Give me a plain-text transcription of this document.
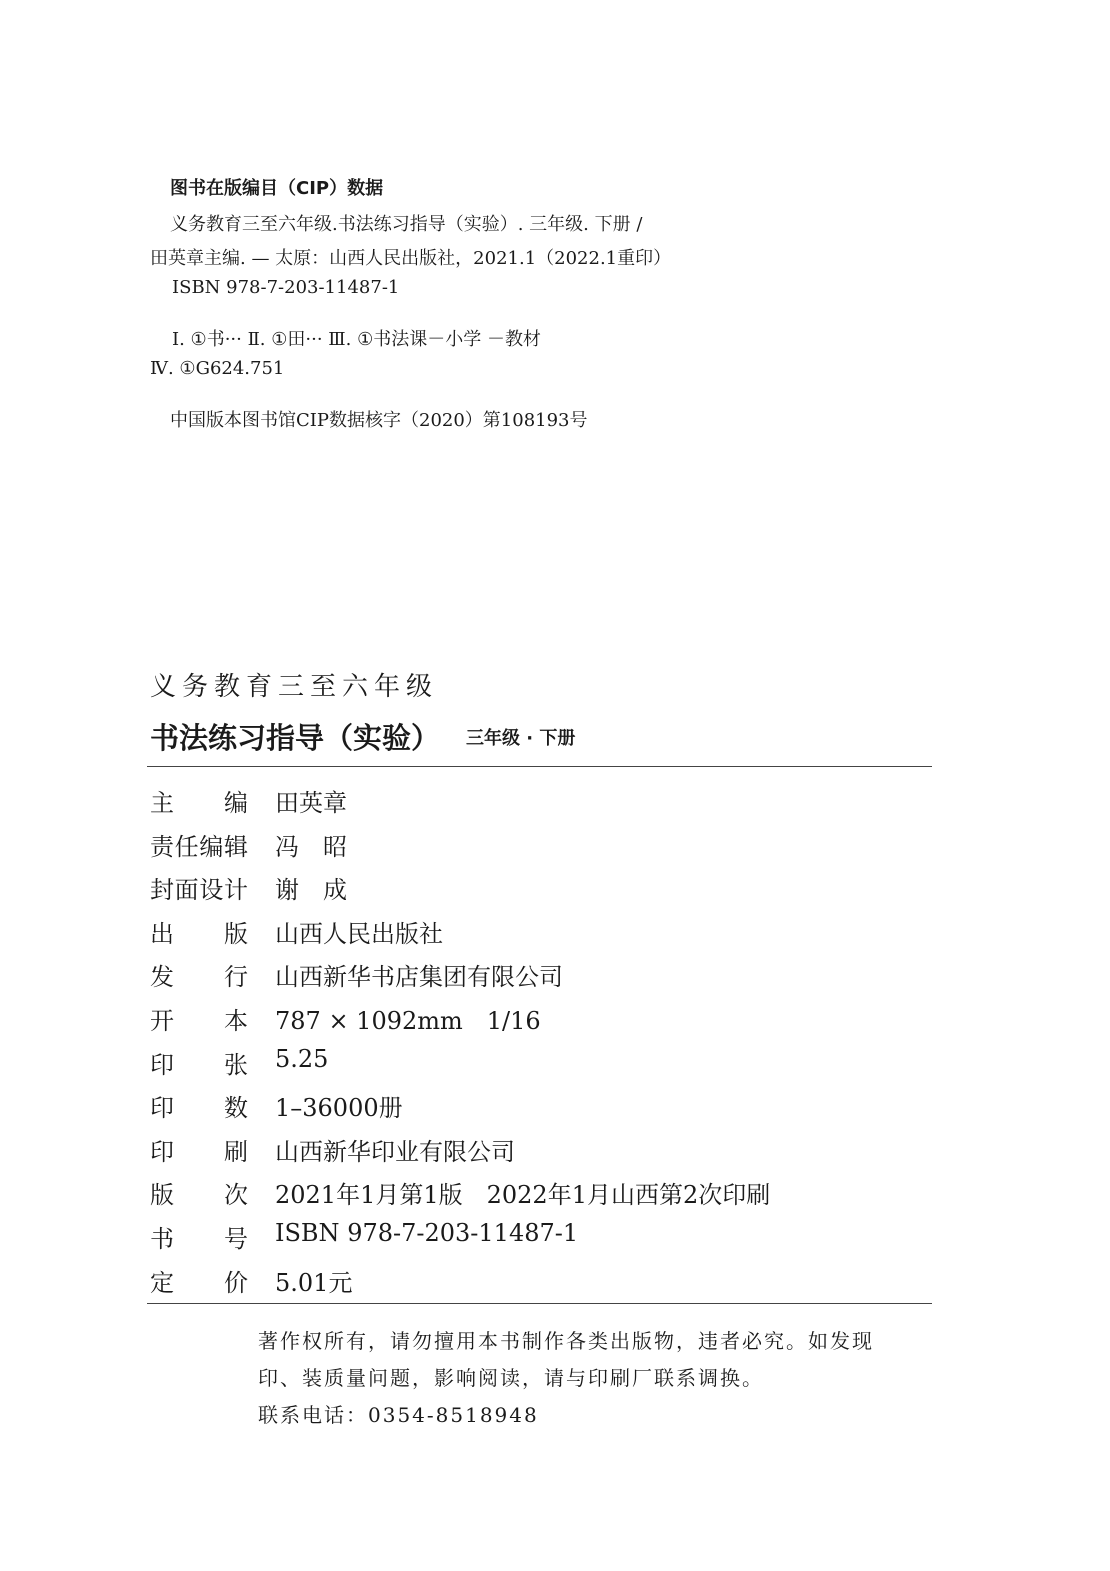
图书在版编目（CIP）数据
义务教育三至六年级.书法练习指导（实验）. 三年级. 下册 /
田英章主编. — 太原：山西人民出版社，2021.1（2022.1重印）
ISBN 978-7-203-11487-1
Ⅰ. ①书··· Ⅱ. ①田··· Ⅲ. ①书法课－小学 －教材
Ⅳ. ①G624.751
中国版本图书馆CIP数据核字（2020）第108193号
义务教育三至六年级
书法练习指导（实验） 三年级 · 下册
主 编 田英章
责 任 编 辑 冯　昭
封 面 设 计 谢　成
出 版 山西人民出版社
发 行 山西新华书店集团有限公司
开 本 787 × 1092mm　1/16
印 张 5.25
印 数 1–36000册
印 刷 山西新华印业有限公司
版 次 2021年1月第1版　2022年1月山西第2次印刷
书 号 ISBN 978-7-203-11487-1
定 价 5.01元
著作权所有，请勿擅用本书制作各类出版物，违者必究。如发现
印、装质量问题，影响阅读，请与印刷厂联系调换。
联系电话：0354-8518948
